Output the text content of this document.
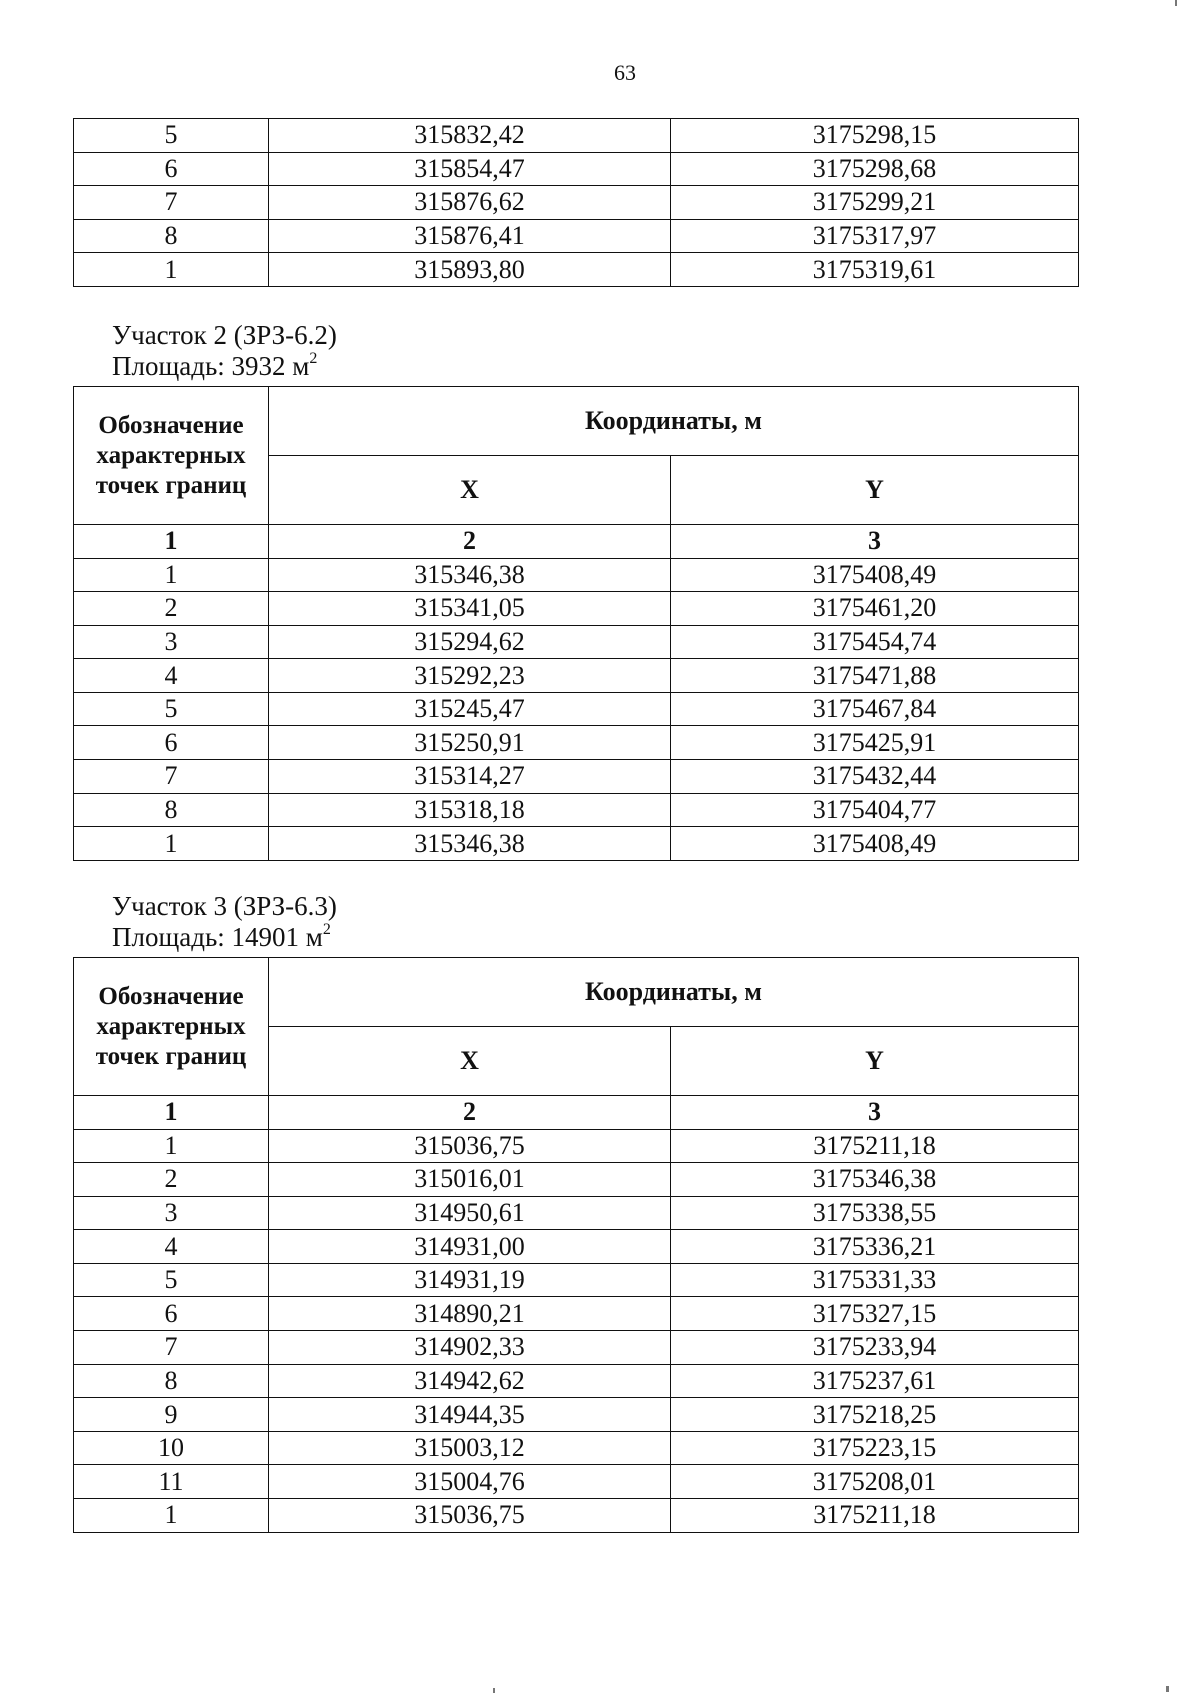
63
5	315832,42	3175298,15
6	315854,47	3175298,68
7	315876,62	3175299,21
8	315876,41	3175317,97
1	315893,80	3175319,61
Участок 2 (ЗРЗ-6.2)
Площадь: 3932 $м^2$
Обозначение характерных точек границ	Координаты, м	
	X	Y
1	2	3
1	315346,38	3175408,49
2	315341,05	3175461,20
3	315294,62	3175454,74
4	315292,23	3175471,88
5	315245,47	3175467,84
6	315250,91	3175425,91
7	315314,27	3175432,44
8	315318,18	3175404,77
1	315346,38	3175408,49
Участок 3 (ЗРЗ-6.3)
Площадь: 14901 $м^2$
Обозначение характерных точек границ	Координаты, м	
	X	Y
1	2	3
1	315036,75	3175211,18
2	315016,01	3175346,38
3	314950,61	3175338,55
4	314931,00	3175336,21
5	314931,19	3175331,33
6	314890,21	3175327,15
7	314902,33	3175233,94
8	314942,62	3175237,61
9	314944,35	3175218,25
10	315003,12	3175223,15
11	315004,76	3175208,01
1	315036,75	3175211,18
